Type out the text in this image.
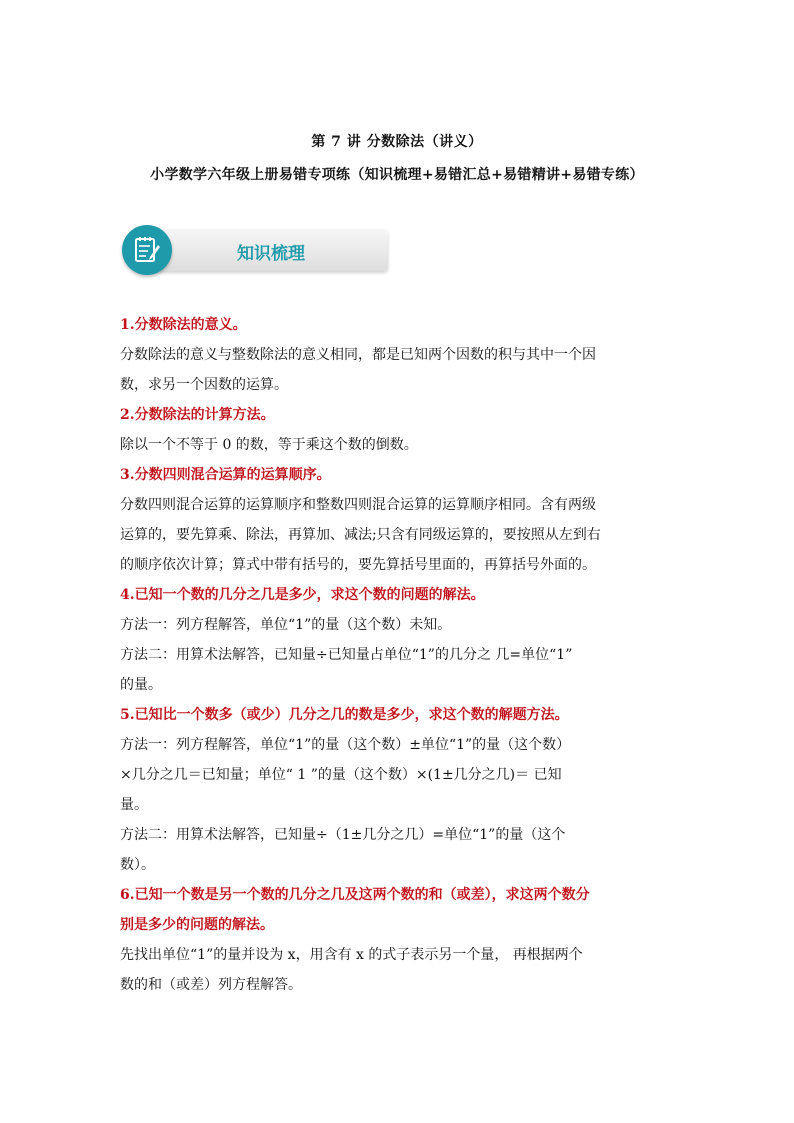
第 7 讲 分数除法（讲义）
小学数学六年级上册易错专项练（知识梳理+易错汇总+易错精讲+易错专练）
知识梳理

1.分数除法的意义。

分数除法的意义与整数除法的意义相同，都是已知两个因数的积与其中一个因

数，求另一个因数的运算。

2.分数除法的计算方法。

除以一个不等于 0 的数，等于乘这个数的倒数。

3.分数四则混合运算的运算顺序。

分数四则混合运算的运算顺序和整数四则混合运算的运算顺序相同。含有两级

运算的，要先算乘、除法，再算加、减法;只含有同级运算的，要按照从左到右

的顺序依次计算；算式中带有括号的，要先算括号里面的，再算括号外面的。

4.已知一个数的几分之几是多少，求这个数的问题的解法。

方法一：列方程解答，单位“1”的量（这个数）未知。

方法二：用算术法解答，已知量÷已知量占单位“1”的几分之 几=单位“1”

的量。

5.已知比一个数多（或少）几分之几的数是多少，求这个数的解题方法。

方法一：列方程解答，单位“1”的量（这个数）±单位“1”的量（这个数）

×几分之几＝已知量；单位“ 1 ”的量（这个数）×(1±几分之几)＝ 已知

量。

方法二：用算术法解答，已知量÷（1±几分之几）=单位“1”的量（这个

数）。

6.已知一个数是另一个数的几分之几及这两个数的和（或差），求这两个数分

别是多少的问题的解法。

先找出单位“1”的量并设为 x，用含有 x 的式子表示另一个量， 再根据两个

数的和（或差）列方程解答。
